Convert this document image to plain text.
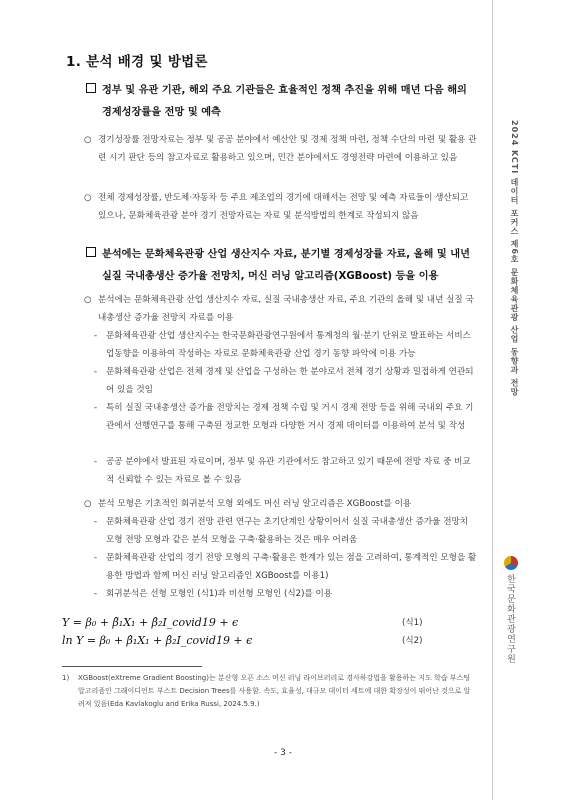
1. 분석 배경 및 방법론
정부 및 유관 기관, 해외 주요 기관들은 효율적인 정책 추진을 위해 매년 다음 해의
경제성장률을 전망 및 예측
○ 경기성장률 전망자료는 정부 및 공공 분야에서 예산안 및 경제 정책 마련, 정책 수단의 마련 및 활용 관련 시기 판단 등의 참고자료로 활용하고 있으며, 민간 분야에서도 경영전략 마련에 이용하고 있음
○ 전체 경제성장률, 반도체·자동차 등 주요 제조업의 경기에 대해서는 전망 및 예측 자료들이 생산되고 있으나, 문화체육관광 분야 경기 전망자료는 자료 및 분석방법의 한계로 작성되지 않음
분석에는 문화체육관광 산업 생산지수 자료, 분기별 경제성장률 자료, 올해 및 내년
실질 국내총생산 증가율 전망치, 머신 러닝 알고리즘(XGBoost) 등을 이용
○ 분석에는 문화체육관광 산업 생산지수 자료, 실질 국내총생산 자료, 주요 기관의 올해 및 내년 실질 국내총생산 증가율 전망치 자료를 이용
-	문화체육관광 산업 생산지수는 한국문화관광연구원에서 통계청의 월·분기 단위로 발표하는 서비스업동향을 이용하여 작성하는 자료로 문화체육관광 산업 경기 동향 파악에 이용 가능
-	문화체육관광 산업은 전체 경제 및 산업을 구성하는 한 분야로서 전체 경기 상황과 밀접하게 연관되어 있을 것임
-	특히 실질 국내총생산 증가율 전망치는 경제 정책 수립 및 거시 경제 전망 등을 위해 국내외 주요 기관에서 선행연구를 통해 구축된 정교한 모형과 다양한 거시 경제 데이터를 이용하여 분석 및 작성
-	공공 분야에서 발표된 자료이며, 정부 및 유관 기관에서도 참고하고 있기 때문에 전망 자료 중 비교적 신뢰할 수 있는 자료로 볼 수 있음
○ 분석 모형은 기초적인 회귀분석 모형 외에도 머신 러닝 알고리즘은 XGBoost를 이용
-	문화체육관광 산업 경기 전망 관련 연구는 초기단계인 상황이어서 실질 국내총생산 증가율 전망치 모형 전망 모형과 같은 분석 모형을 구축·활용하는 것은 매우 어려움
-	문화체육관광 산업의 경기 전망 모형의 구축·활용은 한계가 있는 점을 고려하여, 통계적인 모형을 활용한 방법과 함께 머신 러닝 알고리즘인 XGBoost를 이용1)
-	회귀분석은 선형 모형인 (식1)과 비선형 모형인 (식2)를 이용
Y = β₀ + β̃₁X₁ + β̂₂I_covid19 + ϵ	(식1)
ln Y = β₀ + β̂₁X₁ + β̂₂I_covid19 + ϵ	(식2)
1)	XGBoost(eXtreme Gradient Boosting)는 분산형 오픈 소스 머신 러닝 라이브러리로 경사하강법을 활용하는 지도 학습 부스팅 알고리즘인 그래이디언트 부스트 Decision Trees를 사용함. 속도, 효율성, 대규모 데이터 세트에 대한 확장성이 뛰어난 것으로 알려져 있음(Eda Kavlakoglu and Erika Russi, 2024.5.9.)
- 3 -
2024 KCTI 데이터 포커스 제6호 문화체육관광 산업 동향과 전망
한국문화관광연구원
